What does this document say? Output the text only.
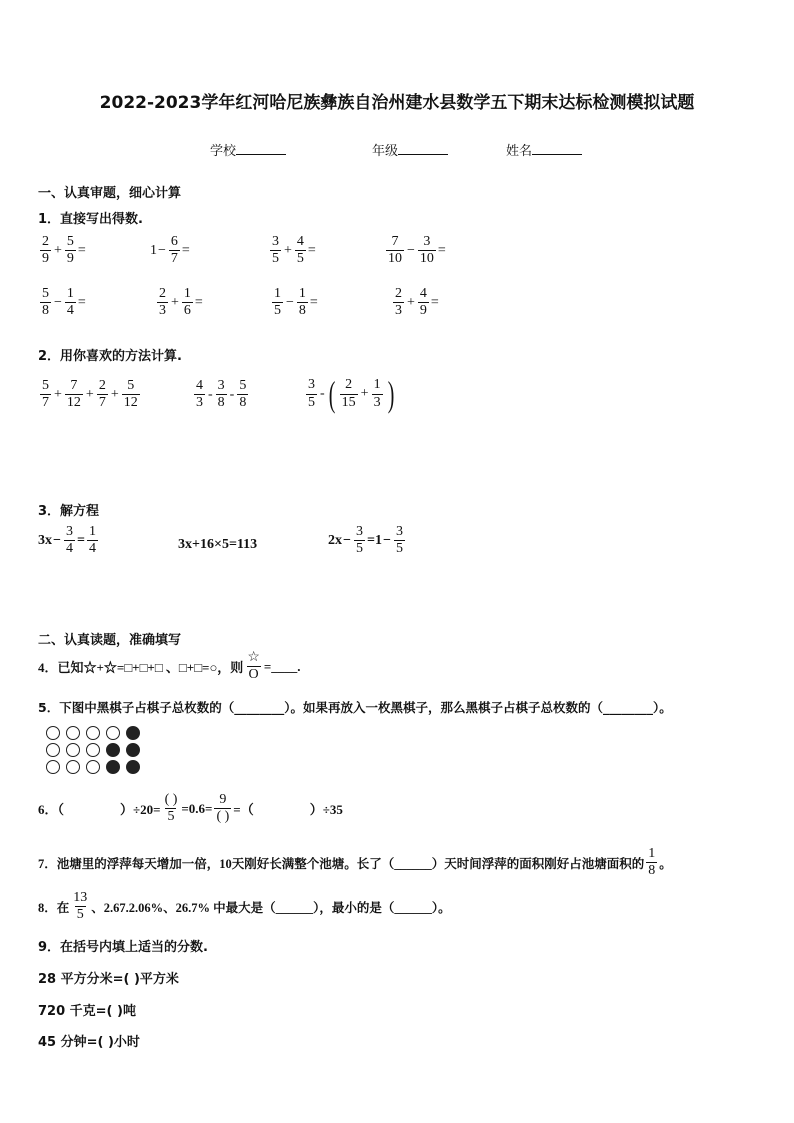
2022-2023学年红河哈尼族彝族自治州建水县数学五下期末达标检测模拟试题
学校	年级	姓名
一、认真审题，细心计算
1．直接写出得数.
$\frac{2}{9} + \frac{5}{9}$ =	$1 - \frac{6}{7}$ =	$\frac{3}{5} + \frac{4}{5}$ =	$\frac{7}{10} - \frac{3}{10}$ =
$\frac{5}{8} - \frac{1}{4}$ =	$\frac{2}{3} + \frac{1}{6}$ =	$\frac{1}{5} - \frac{1}{8}$ =	$\frac{2}{3} + \frac{4}{9}$ =
2．用你喜欢的方法计算.
$\frac{5}{7} + \frac{7}{12} + \frac{2}{7} + \frac{5}{12}$	$\frac{4}{3} - \frac{3}{8} - \frac{5}{8}$	$\frac{3}{5}$ - ( $\frac{2}{15} + \frac{1}{3}$ )
3．解方程
$3x - \frac{3}{4} = \frac{1}{4}$	3x+16×5=113	$2x - \frac{3}{5} =1 - \frac{3}{5}$
二、认真读题，准确填写
4．已知☆+☆=□+□+□ 、□+□=○，则 $\frac{☆}{O}$ =____.
5．下图中黑棋子占棋子总枚数的（________）。如果再放入一枚黑棋子，那么黑棋子占棋子总枚数的（________）。
6．（	）$\div 20= \frac{( )}{5} =0.6= \frac{9}{( )}$ =（	）÷35
7．池塘里的浮萍每天增加一倍，10天刚好长满整个池塘。长了（______）天时间浮萍的面积刚好占池塘面积的 $\frac{1}{8}$ 。
8．在 $\frac{13}{5}$ 、2.67.2.06%、26.7% 中最大是（______），最小的是（______）。
9．在括号内填上适当的分数.
28 平方分米=( )平方米
720 千克=( )吨
45 分钟=( )小时
